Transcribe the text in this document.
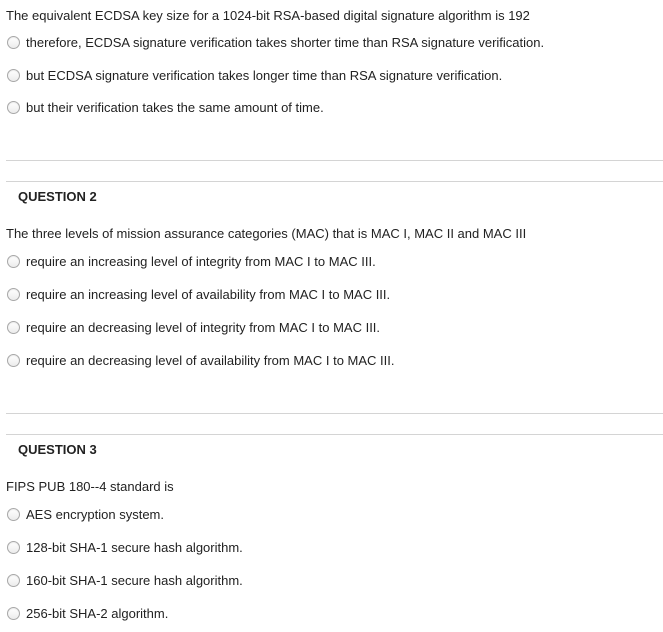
The equivalent ECDSA key size for a 1024-bit RSA-based digital signature algorithm is 192
therefore, ECDSA signature verification takes shorter time than RSA signature verification.
but ECDSA signature verification takes longer time than RSA signature verification.
but their verification takes the same amount of time.
QUESTION 2
The three levels of mission assurance categories (MAC) that is MAC I, MAC II and MAC III
require an increasing level of integrity from MAC I to MAC III.
require an increasing level of availability from MAC I to MAC III.
require an decreasing level of integrity from MAC I to MAC III.
require an decreasing level of availability from MAC I to MAC III.
QUESTION 3
FIPS PUB 180--4 standard is
AES encryption system.
128-bit SHA-1 secure hash algorithm.
160-bit SHA-1 secure hash algorithm.
256-bit SHA-2 algorithm.
